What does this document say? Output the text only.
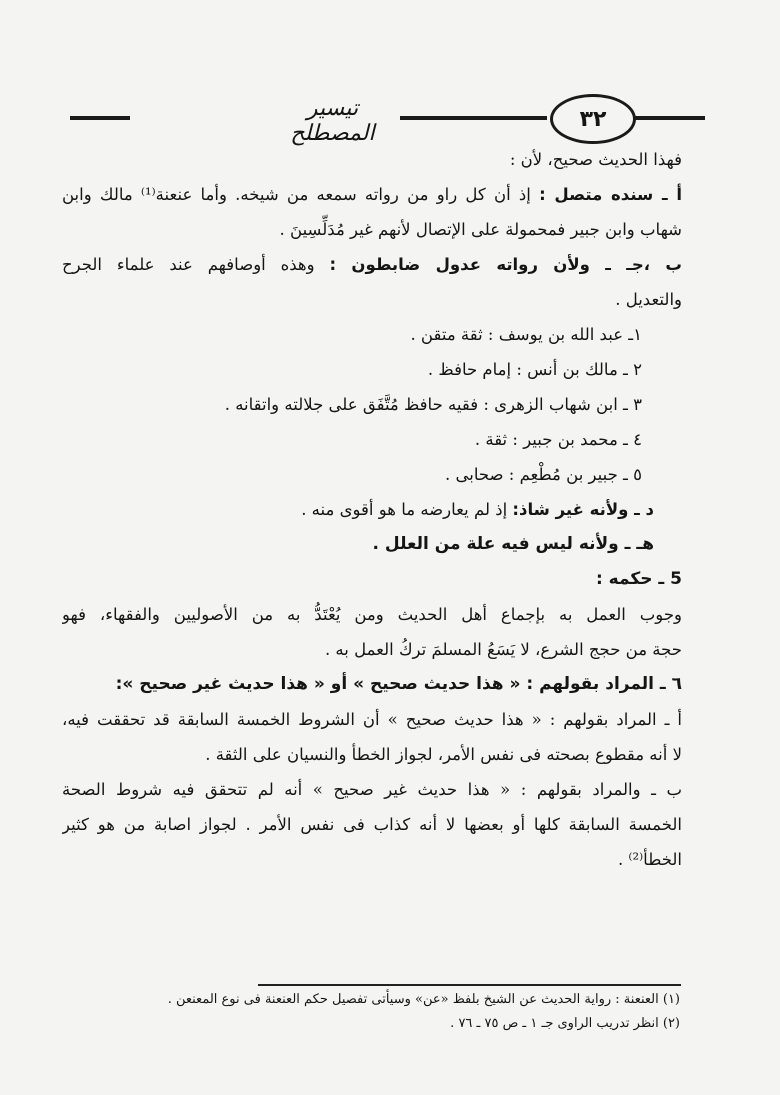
تيسير المصطلح
٣٢
فهذا الحديث صحيح، لأن :
أ ـ سنده متصل : إذ أن كل راو من رواته سمعه من شيخه. وأما عنعنة⁽¹⁾ مالك وابن
شهاب وابن جبير فمحمولة على الإتصال لأنهم غير مُدَلِّسِينَ .
ب ،جـ ـ ولأن رواته عدول ضابطون : وهذه أوصافهم عند علماء الجرح
والتعديل .
١ـ عبد الله بن يوسف : ثقة متقن .
٢ ـ مالك بن أنس : إمام حافظ .
٣ ـ ابن شهاب الزهرى : فقيه حافظ مُتَّفَق على جلالته واتقانه .
٤ ـ محمد بن جبير : ثقة .
٥ ـ جبير بن مُطْعِم : صحابى .
د ـ ولأنه غير شاذ: إذ لم يعارضه ما هو أقوى منه .
هـ ـ ولأنه ليس فيه علة من العلل .
5 ـ حكمه :
وجوب العمل به بإجماع أهل الحديث ومن يُعْتَدُّ به من الأصوليين والفقهاء، فهو
حجة من حجج الشرع، لا يَسَعُ المسلمَ تركُ العمل به .
٦ ـ المراد بقولهم : « هذا حديث صحيح » أو « هذا حديث غير صحيح »:
أ ـ المراد بقولهم : « هذا حديث صحيح » أن الشروط الخمسة السابقة قد تحققت فيه،
لا أنه مقطوع بصحته فى نفس الأمر، لجواز الخطأ والنسيان على الثقة .
ب ـ والمراد بقولهم : « هذا حديث غير صحيح » أنه لم تتحقق فيه شروط الصحة
الخمسة السابقة كلها أو بعضها لا أنه كذاب فى نفس الأمر . لجواز اصابة من هو كثير
الخطأ⁽²⁾ .
(١) العنعنة : رواية الحديث عن الشيخ بلفظ «عن» وسيأتى تفصيل حكم العنعنة فى نوع المعنعن .
(٢) انظر تدريب الراوى جـ ١ ـ ص ٧٥ ـ ٧٦ .
